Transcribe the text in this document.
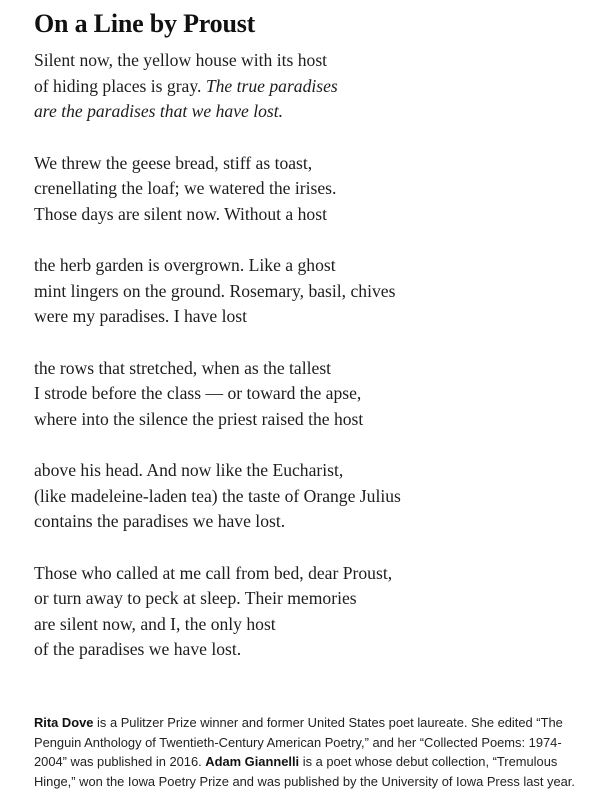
On a Line by Proust
Silent now, the yellow house with its host
of hiding places is gray. The true paradises
are the paradises that we have lost.
We threw the geese bread, stiff as toast,
crenellating the loaf; we watered the irises.
Those days are silent now. Without a host
the herb garden is overgrown. Like a ghost
mint lingers on the ground. Rosemary, basil, chives
were my paradises. I have lost
the rows that stretched, when as the tallest
I strode before the class — or toward the apse,
where into the silence the priest raised the host
above his head. And now like the Eucharist,
(like madeleine-laden tea) the taste of Orange Julius
contains the paradises we have lost.
Those who called at me call from bed, dear Proust,
or turn away to peck at sleep. Their memories
are silent now, and I, the only host
of the paradises we have lost.
Rita Dove is a Pulitzer Prize winner and former United States poet laureate. She edited “The
Penguin Anthology of Twentieth-Century American Poetry,” and her “Collected Poems: 1974-
2004” was published in 2016. Adam Giannelli is a poet whose debut collection, “Tremulous
Hinge,” won the Iowa Poetry Prize and was published by the University of Iowa Press last year.
